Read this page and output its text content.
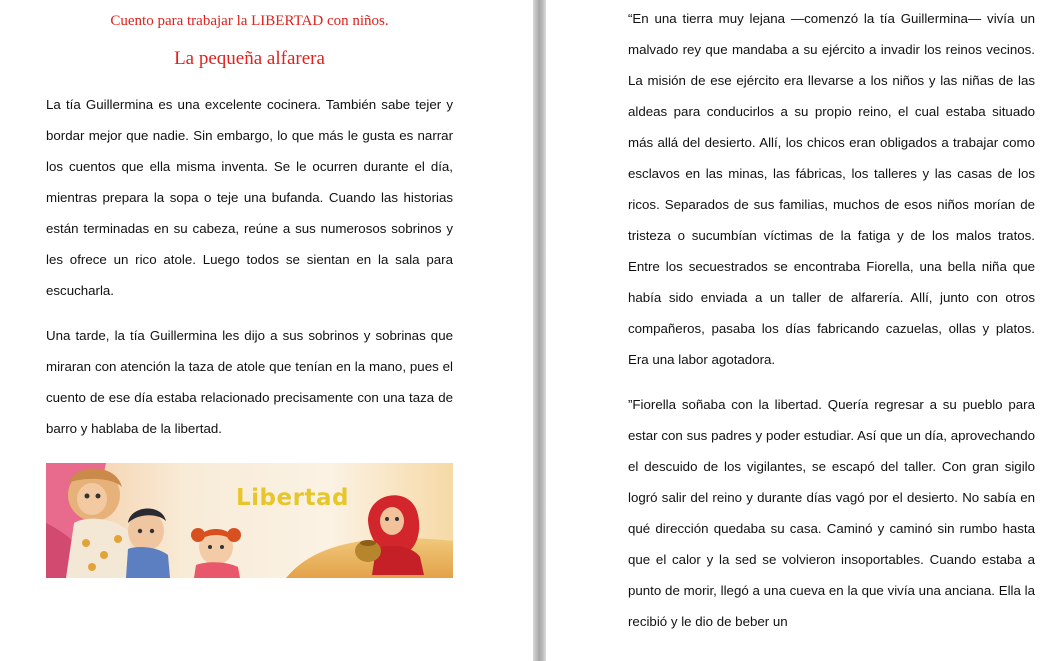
Cuento para trabajar la LIBERTAD con niños.

La pequeña alfarera

La tía Guillermina es una excelente cocinera. También sabe tejer y bordar mejor que nadie. Sin embargo, lo que más le gusta es narrar los cuentos que ella misma inventa. Se le ocurren durante el día, mientras prepara la sopa o teje una bufanda. Cuando las historias están terminadas en su cabeza, reúne a sus numerosos sobrinos y les ofrece un rico atole. Luego todos se sientan en la sala para escucharla.

Una tarde, la tía Guillermina les dijo a sus sobrinos y sobrinas que miraran con atención la taza de atole que tenían en la mano, pues el cuento de ese día estaba relacionado precisamente con una taza de barro y hablaba de la libertad.

Libertad

“En una tierra muy lejana —comenzó la tía Guillermina— vivía un malvado rey que mandaba a su ejército a invadir los reinos vecinos. La misión de ese ejército era llevarse a los niños y las niñas de las aldeas para conducirlos a su propio reino, el cual estaba situado más allá del desierto. Allí, los chicos eran obligados a trabajar como esclavos en las minas, las fábricas, los talleres y las casas de los ricos. Separados de sus familias, muchos de esos niños morían de tristeza o sucumbían víctimas de la fatiga y de los malos tratos. Entre los secuestrados se encontraba Fiorella, una bella niña que había sido enviada a un taller de alfarería. Allí, junto con otros compañeros, pasaba los días fabricando cazuelas, ollas y platos. Era una labor agotadora.

”Fiorella soñaba con la libertad. Quería regresar a su pueblo para estar con sus padres y poder estudiar. Así que un día, aprovechando el descuido de los vigilantes, se escapó del taller. Con gran sigilo logró salir del reino y durante días vagó por el desierto. No sabía en qué dirección quedaba su casa. Caminó y caminó sin rumbo hasta que el calor y la sed se volvieron insoportables. Cuando estaba a punto de morir, llegó a una cueva en la que vivía una anciana. Ella la recibió y le dio de beber un
